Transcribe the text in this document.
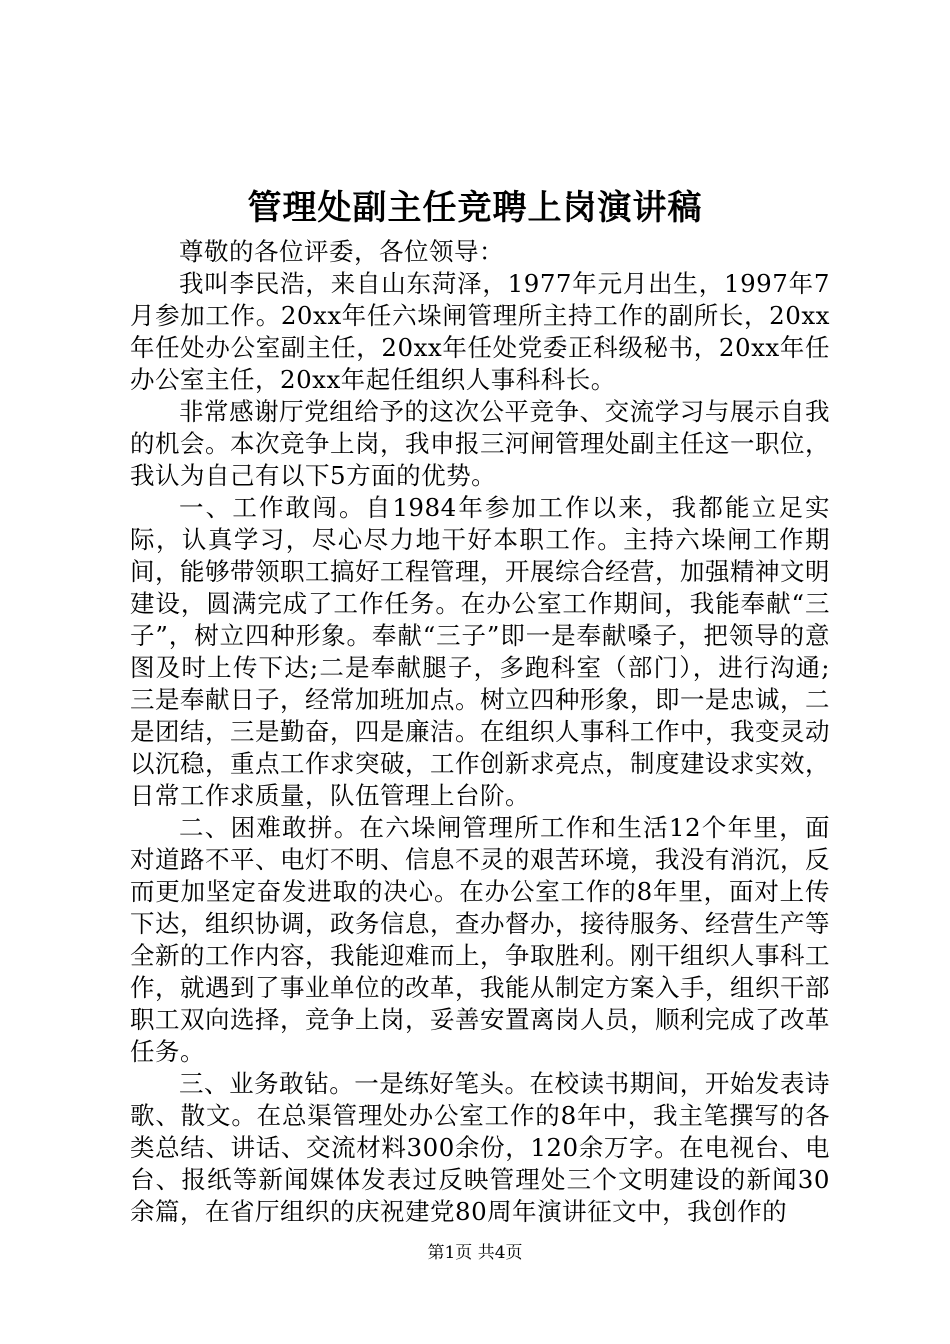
管理处副主任竞聘上岗演讲稿

尊敬的各位评委，各位领导：

我叫李民浩，来自山东菏泽，1977年元月出生，1997年7月参加工作。20xx年任六垛闸管理所主持工作的副所长，20xx年任处办公室副主任，20xx年任处党委正科级秘书，20xx年任办公室主任，20xx年起任组织人事科科长。

非常感谢厅党组给予的这次公平竞争、交流学习与展示自我的机会。本次竞争上岗，我申报三河闸管理处副主任这一职位，我认为自己有以下5方面的优势。

一、工作敢闯。自1984年参加工作以来，我都能立足实际，认真学习，尽心尽力地干好本职工作。主持六垛闸工作期间，能够带领职工搞好工程管理，开展综合经营，加强精神文明建设，圆满完成了工作任务。在办公室工作期间，我能奉献“三子”，树立四种形象。奉献“三子”即一是奉献嗓子，把领导的意图及时上传下达;二是奉献腿子，多跑科室（部门），进行沟通;三是奉献日子，经常加班加点。树立四种形象，即一是忠诚，二是团结，三是勤奋，四是廉洁。在组织人事科工作中，我变灵动以沉稳，重点工作求突破，工作创新求亮点，制度建设求实效，日常工作求质量，队伍管理上台阶。

二、困难敢拼。在六垛闸管理所工作和生活12个年里，面对道路不平、电灯不明、信息不灵的艰苦环境，我没有消沉，反而更加坚定奋发进取的决心。在办公室工作的8年里，面对上传下达，组织协调，政务信息，查办督办，接待服务、经营生产等全新的工作内容，我能迎难而上，争取胜利。刚干组织人事科工作，就遇到了事业单位的改革，我能从制定方案入手，组织干部职工双向选择，竞争上岗，妥善安置离岗人员，顺利完成了改革任务。

三、业务敢钻。一是练好笔头。在校读书期间，开始发表诗歌、散文。在总渠管理处办公室工作的8年中，我主笔撰写的各类总结、讲话、交流材料300余份，120余万字。在电视台、电台、报纸等新闻媒体发表过反映管理处三个文明建设的新闻30余篇，在省厅组织的庆祝建党80周年演讲征文中，我创作的

第1页 共4页
